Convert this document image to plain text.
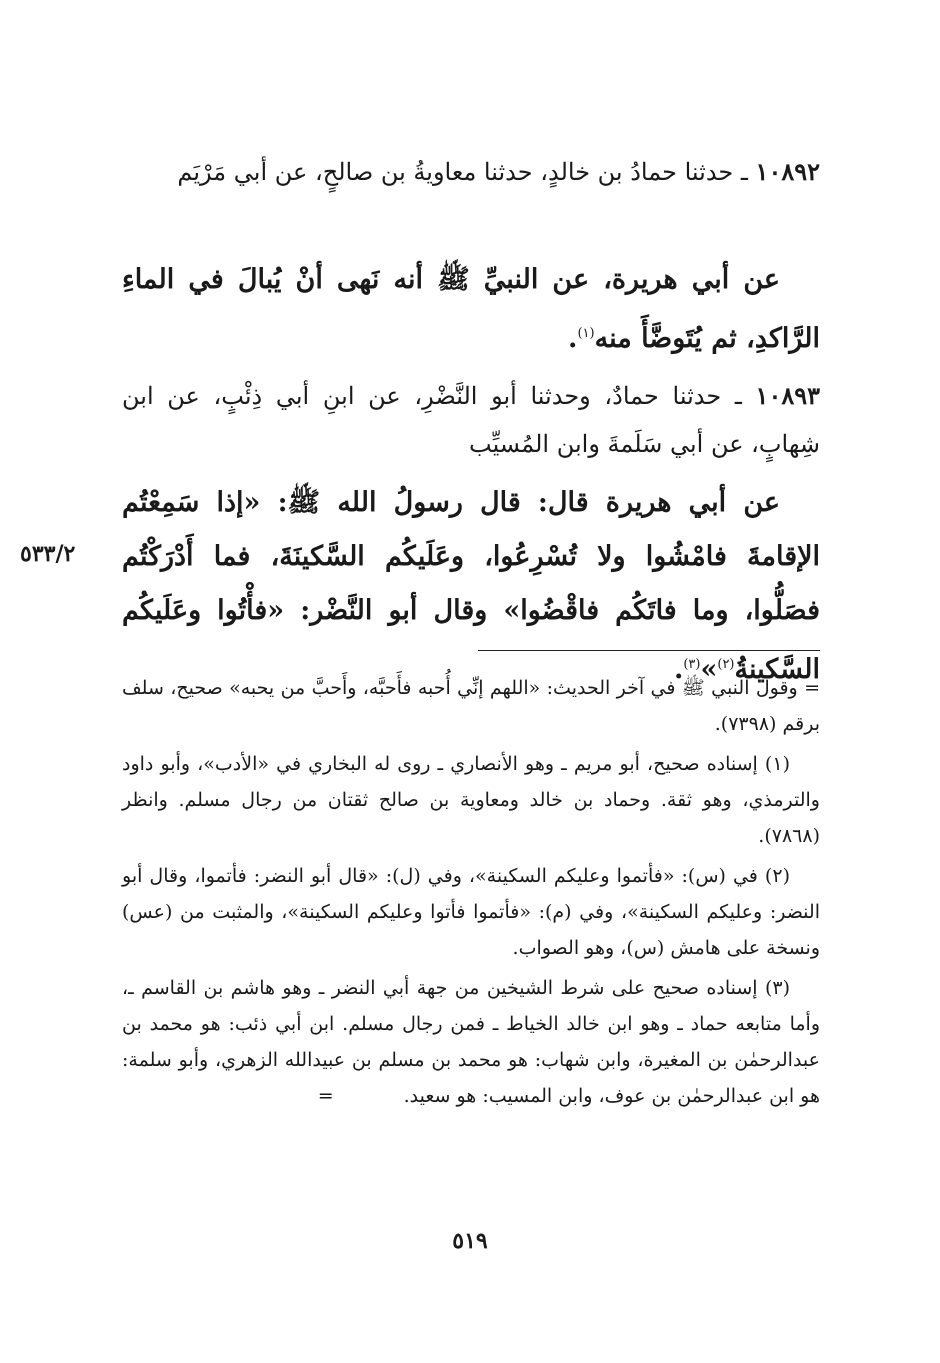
١٠٨٩٢ ـ حدثنا حمادُ بن خالدٍ، حدثنا معاويةُ بن صالحٍ، عن أبي مَرْيَم
عن أبي هريرة، عن النبيِّ ﷺ أنه نَهى أنْ يُبالَ في الماءِ الرَّاكدِ، ثم يُتَوضَّأَ منه$^{(١)}$.
١٠٨٩٣ ـ حدثنا حمادٌ، وحدثنا أبو النَّضْرِ، عن ابنِ أبي ذِئْبٍ، عن ابن شِهابٍ، عن أبي سَلَمةَ وابن المُسيِّب
عن أبي هريرة قال: قال رسولُ الله ﷺ: «إذا سَمِعْتُم الإقامةَ فامْشُوا ولا تُسْرِعُوا، وعَلَيكُم السَّكينَةَ، فما أَدْرَكْتُم فصَلُّوا، وما فاتَكُم فاقْضُوا» وقال أبو النَّضْر: «فأْتُوا وعَلَيكُم السَّكينةُ$^{(٢)}$»$^{(٣)}$.
٥٣٣/٢

= وقول النبي ﷺ في آخر الحديث: «اللهم إنِّي أُحبه فأَحبَّه، وأَحبَّ من يحبه» صحيح، سلف برقم (٧٣٩٨).

(١) إسناده صحيح، أبو مريم ـ وهو الأنصاري ـ روى له البخاري في «الأدب»، وأبو داود والترمذي، وهو ثقة. وحماد بن خالد ومعاوية بن صالح ثقتان من رجال مسلم. وانظر (٧٨٦٨).

(٢) في (س): «فأتموا وعليكم السكينة»، وفي (ل): «قال أبو النضر: فأتموا، وقال أبو النضر: وعليكم السكينة»، وفي (م): «فأتموا فأتوا وعليكم السكينة»، والمثبت من (عس) ونسخة على هامش (س)، وهو الصواب.

(٣) إسناده صحيح على شرط الشيخين من جهة أبي النضر ـ وهو هاشم بن القاسم ـ، وأما متابعه حماد ـ وهو ابن خالد الخياط ـ فمن رجال مسلم. ابن أبي ذئب: هو محمد بن عبدالرحمٰن بن المغيرة، وابن شهاب: هو محمد بن مسلم بن عبيدالله الزهري، وأبو سلمة: هو ابن عبدالرحمٰن بن عوف، وابن المسيب: هو سعيد.=

٥١٩
